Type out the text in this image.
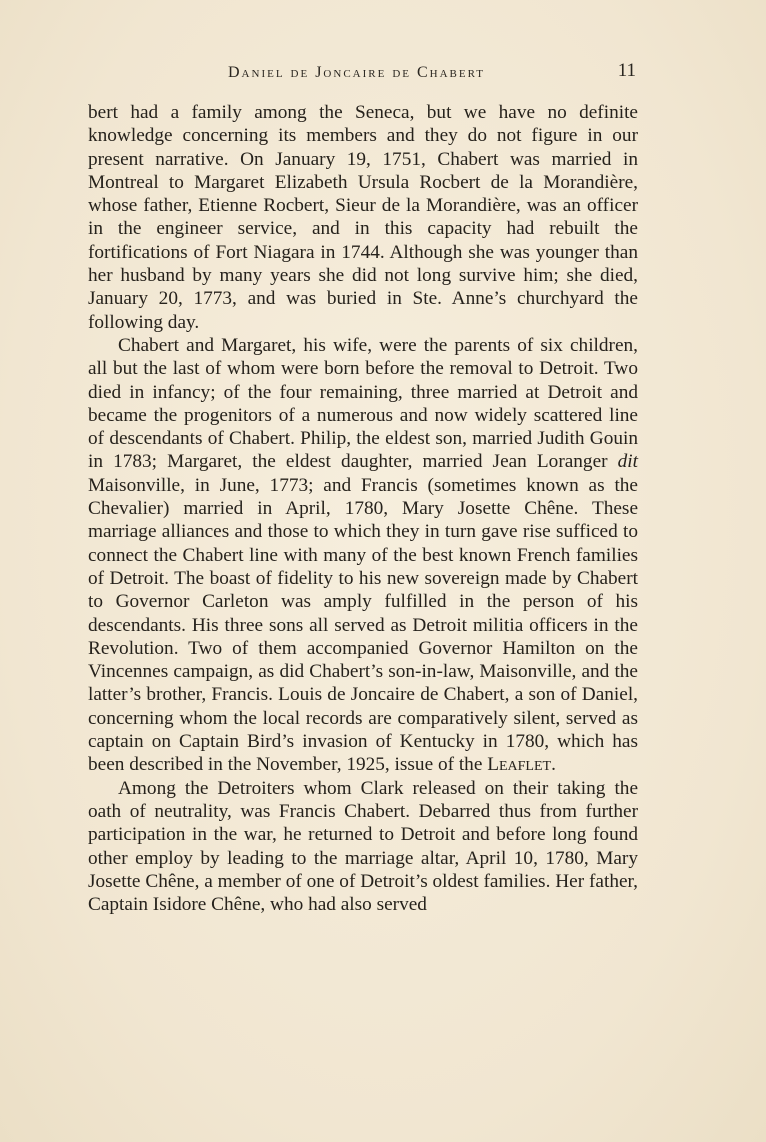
Daniel de Joncaire de Chabert	11

bert had a family among the Seneca, but we have no definite knowledge concerning its members and they do not figure in our present narrative. On January 19, 1751, Chabert was married in Montreal to Margaret Elizabeth Ursula Rocbert de la Morandière, whose father, Etienne Rocbert, Sieur de la Morandière, was an officer in the engineer service, and in this capacity had rebuilt the fortifications of Fort Niagara in 1744. Although she was younger than her husband by many years she did not long survive him; she died, January 20, 1773, and was buried in Ste. Anne’s churchyard the following day.

Chabert and Margaret, his wife, were the parents of six children, all but the last of whom were born before the removal to Detroit. Two died in infancy; of the four remaining, three married at Detroit and became the progenitors of a numerous and now widely scattered line of descendants of Chabert. Philip, the eldest son, married Judith Gouin in 1783; Margaret, the eldest daughter, married Jean Loranger dit Maisonville, in June, 1773; and Francis (sometimes known as the Chevalier) married in April, 1780, Mary Josette Chêne. These marriage alliances and those to which they in turn gave rise sufficed to connect the Chabert line with many of the best known French families of Detroit. The boast of fidelity to his new sovereign made by Chabert to Governor Carleton was amply fulfilled in the person of his descendants. His three sons all served as Detroit militia officers in the Revolution. Two of them accompanied Governor Hamilton on the Vincennes campaign, as did Chabert’s son-in-law, Maisonville, and the latter’s brother, Francis. Louis de Joncaire de Chabert, a son of Daniel, concerning whom the local records are comparatively silent, served as captain on Captain Bird’s invasion of Kentucky in 1780, which has been described in the November, 1925, issue of the Leaflet.

Among the Detroiters whom Clark released on their taking the oath of neutrality, was Francis Chabert. Debarred thus from further participation in the war, he returned to Detroit and before long found other employ by leading to the marriage altar, April 10, 1780, Mary Josette Chêne, a member of one of Detroit’s oldest families. Her father, Captain Isidore Chêne, who had also served
